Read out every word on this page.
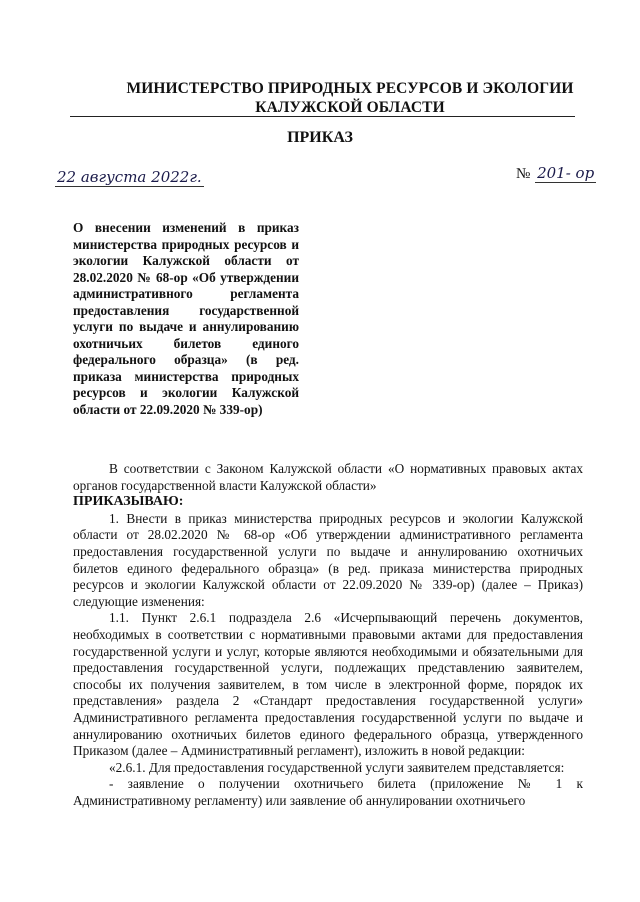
МИНИСТЕРСТВО ПРИРОДНЫХ РЕСУРСОВ И ЭКОЛОГИИ
КАЛУЖСКОЙ ОБЛАСТИ
ПРИКАЗ
22 августа 2022г.	№ 201- ор
О внесении изменений в приказ министерства природных ресурсов и экологии Калужской области от 28.02.2020 № 68-ор «Об утверждении административного регламента предоставления государственной услуги по выдаче и аннулированию охотничьих билетов единого федерального образца» (в ред. приказа министерства природных ресурсов и экологии Калужской области от 22.09.2020 № 339-ор)

В соответствии с Законом Калужской области «О нормативных правовых актах органов государственной власти Калужской области»

ПРИКАЗЫВАЮ:

1. Внести в приказ министерства природных ресурсов и экологии Калужской области от 28.02.2020 № 68-ор «Об утверждении административного регламента предоставления государственной услуги по выдаче и аннулированию охотничьих билетов единого федерального образца» (в ред. приказа министерства природных ресурсов и экологии Калужской области от 22.09.2020 № 339-ор) (далее – Приказ) следующие изменения:

1.1. Пункт 2.6.1 подраздела 2.6 «Исчерпывающий перечень документов, необходимых в соответствии с нормативными правовыми актами для предоставления государственной услуги и услуг, которые являются необходимыми и обязательными для предоставления государственной услуги, подлежащих представлению заявителем, способы их получения заявителем, в том числе в электронной форме, порядок их представления» раздела 2 «Стандарт предоставления государственной услуги» Административного регламента предоставления государственной услуги по выдаче и аннулированию охотничьих билетов единого федерального образца, утвержденного Приказом (далее – Административный регламент), изложить в новой редакции:

«2.6.1. Для предоставления государственной услуги заявителем представляется:

- заявление о получении охотничьего билета (приложение № 1 к Административному регламенту) или заявление об аннулировании охотничьего
